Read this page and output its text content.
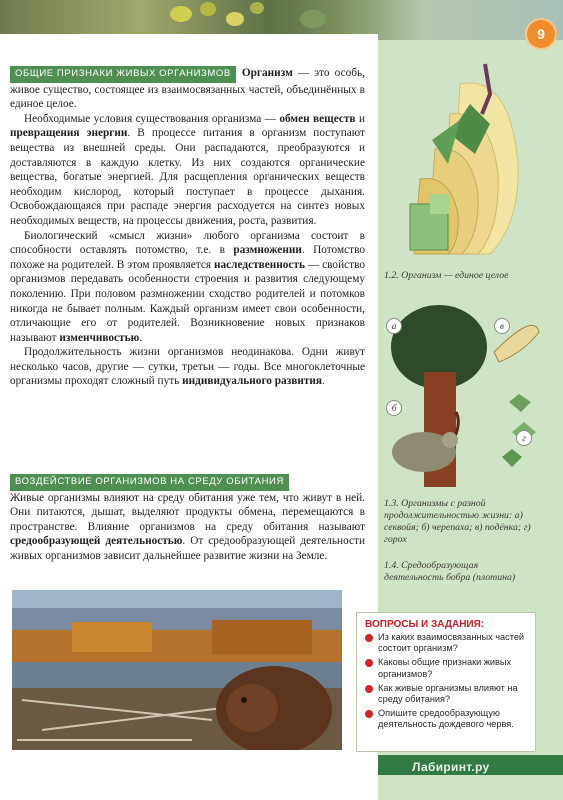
9

ОБЩИЕ ПРИЗНАКИ ЖИВЫХ ОРГАНИЗМОВ Организм — это особь, живое существо, состоящее из взаимосвязанных частей, объединённых в единое целое.

Необходимые условия существования организма — обмен веществ и превращения энергии. В процессе питания в организм поступают вещества из внешней среды. Они распадаются, преобразуются и доставляются в каждую клетку. Из них создаются органические вещества, богатые энергией. Для расщепления органических веществ необходим кислород, который поступает в процессе дыхания. Освобождающаяся при распаде энергия расходуется на синтез новых необходимых веществ, на процессы движения, роста, развития.

Биологический «смысл жизни» любого организма состоит в способности оставлять потомство, т.е. в размножении. Потомство похоже на родителей. В этом проявляется наследственность — свойство организмов передавать особенности строения и развития следующему поколению. При половом размножении сходство родителей и потомков никогда не бывает полным. Каждый организм имеет свои особенности, отличающие его от родителей. Возникновение новых признаков называют изменчивостью.

Продолжительность жизни организмов неодинакова. Одни живут несколько часов, другие — сутки, третьи — годы. Все многоклеточные организмы проходят сложный путь индивидуального развития.

ВОЗДЕЙСТВИЕ ОРГАНИЗМОВ НА СРЕДУ ОБИТАНИЯ

Живые организмы влияют на среду обитания уже тем, что живут в ней. Они питаются, дышат, выделяют продукты обмена, перемещаются в пространстве. Влияние организмов на среду обитания называют средообразующей деятельностью. От средообразующей деятельности живых организмов зависит дальнейшее развитие жизни на Земле.

1.2. Организм — единое целое
а
б
в
г
1.3. Организмы с разной продолжительностью жизни: а) секвойя; б) черепаха; в) подёнка; г) горох
1.4. Средообразующая деятельность бобра (плотина)
ВОПРОСЫ И ЗАДАНИЯ:
Из каких взаимосвязанных частей состоит организм?
Каковы общие признаки живых организмов?
Как живые организмы влияют на среду обитания?
Опишите средообразующую деятельность дождевого червя.
Лабиринт.ру
